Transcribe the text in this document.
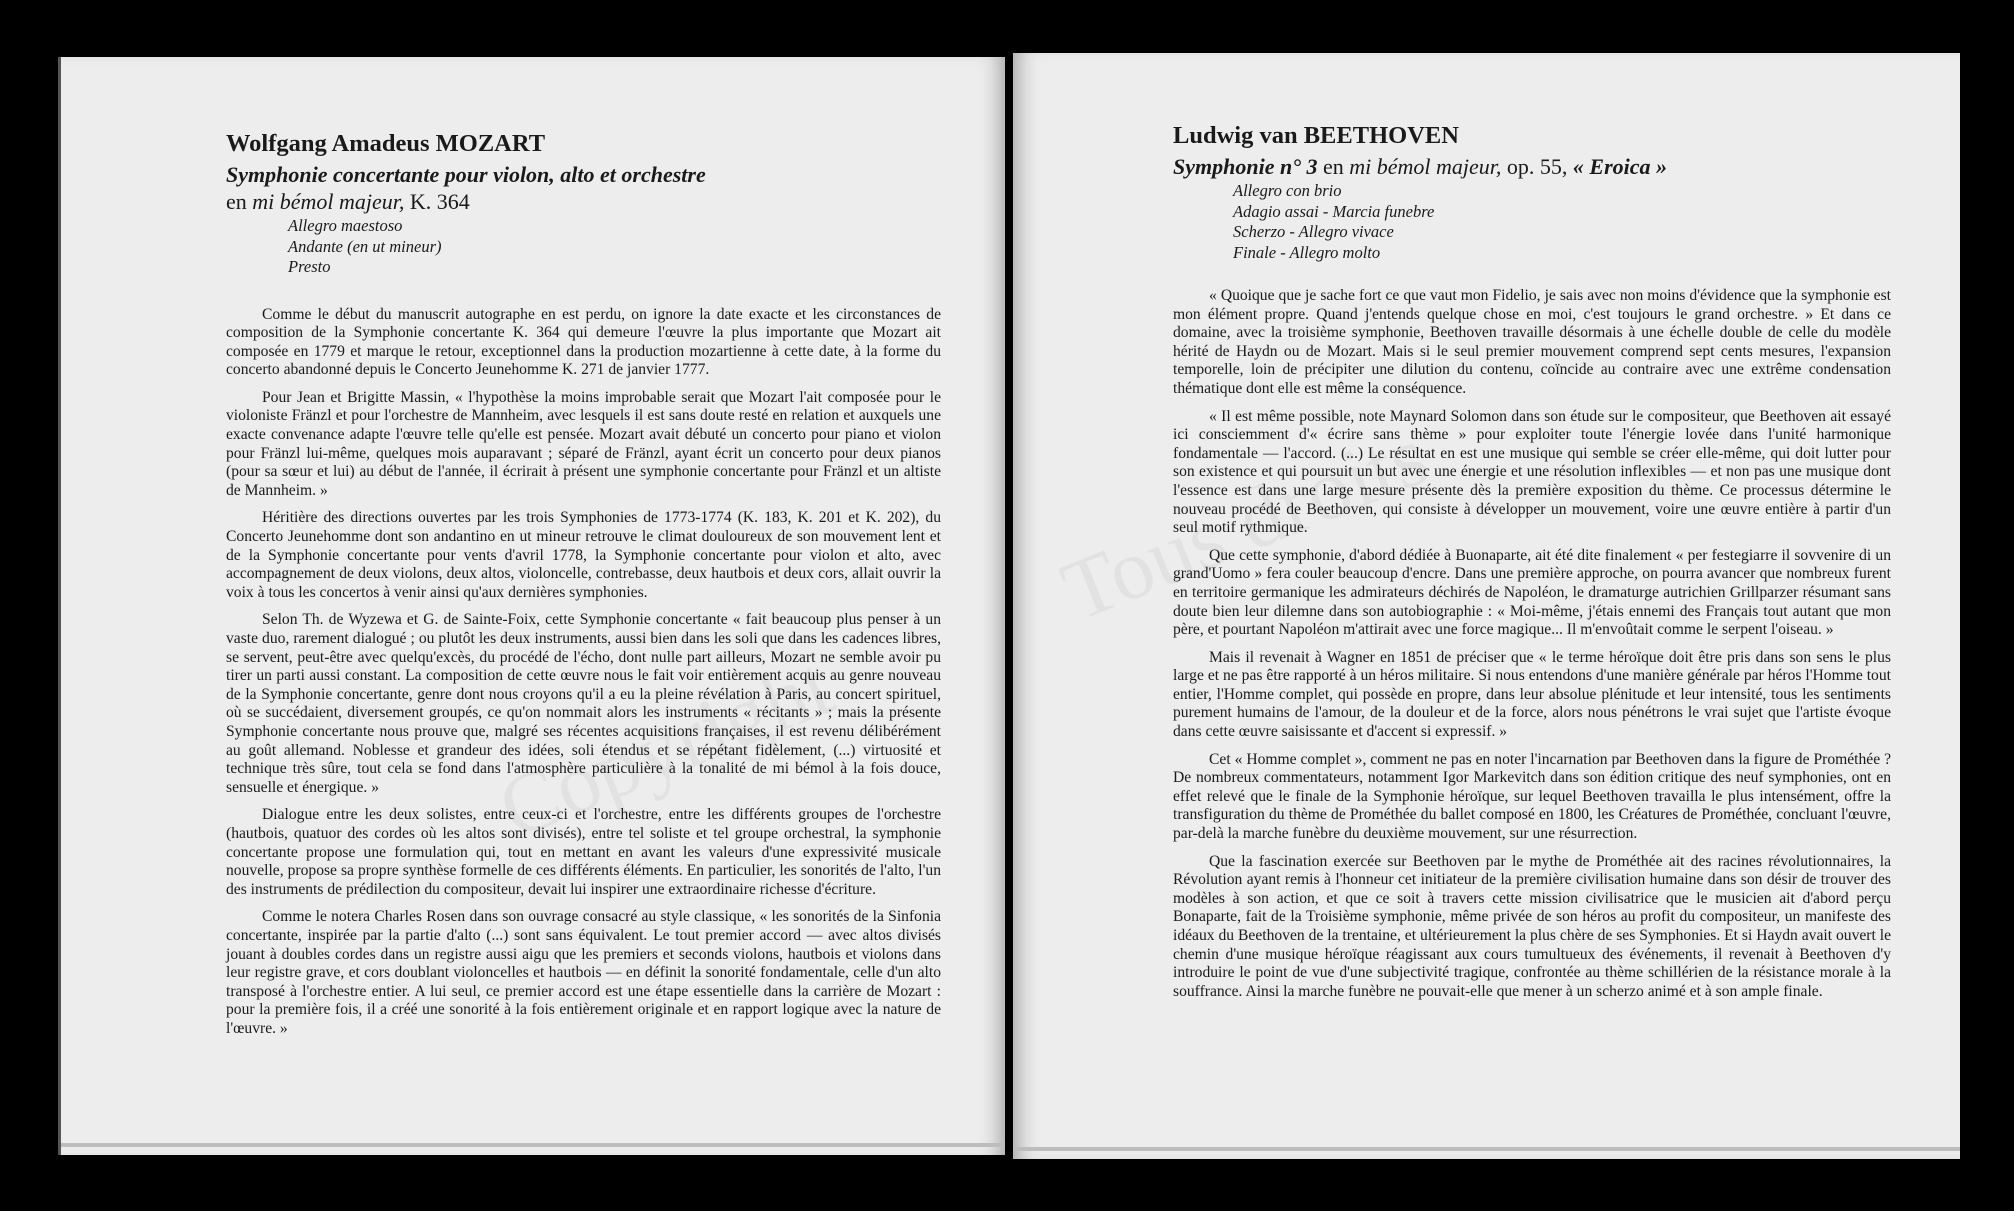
Wolfgang Amadeus MOZART
Symphonie concertante pour violon, alto et orchestre
en mi bémol majeur, K. 364
Allegro maestoso
Andante (en ut mineur)
Presto

Comme le début du manuscrit autographe en est perdu, on ignore la date exacte et les circonstances de composition de la Symphonie concertante K. 364 qui demeure l'œuvre la plus importante que Mozart ait composée en 1779 et marque le retour, exceptionnel dans la production mozartienne à cette date, à la forme du concerto abandonné depuis le Concerto Jeunehomme K. 271 de janvier 1777.

Pour Jean et Brigitte Massin, « l'hypothèse la moins improbable serait que Mozart l'ait composée pour le violoniste Fränzl et pour l'orchestre de Mannheim, avec lesquels il est sans doute resté en relation et auxquels une exacte convenance adapte l'œuvre telle qu'elle est pensée. Mozart avait débuté un concerto pour piano et violon pour Fränzl lui-même, quelques mois auparavant ; séparé de Fränzl, ayant écrit un concerto pour deux pianos (pour sa sœur et lui) au début de l'année, il écrirait à présent une symphonie concertante pour Fränzl et un altiste de Mannheim. »

Héritière des directions ouvertes par les trois Symphonies de 1773-1774 (K. 183, K. 201 et K. 202), du Concerto Jeunehomme dont son andantino en ut mineur retrouve le climat douloureux de son mouvement lent et de la Symphonie concertante pour vents d'avril 1778, la Symphonie concertante pour violon et alto, avec accompagnement de deux violons, deux altos, violoncelle, contrebasse, deux hautbois et deux cors, allait ouvrir la voix à tous les concertos à venir ainsi qu'aux dernières symphonies.

Selon Th. de Wyzewa et G. de Sainte-Foix, cette Symphonie concertante « fait beaucoup plus penser à un vaste duo, rarement dialogué ; ou plutôt les deux instruments, aussi bien dans les soli que dans les cadences libres, se servent, peut-être avec quelqu'excès, du procédé de l'écho, dont nulle part ailleurs, Mozart ne semble avoir pu tirer un parti aussi constant. La composition de cette œuvre nous le fait voir entièrement acquis au genre nouveau de la Symphonie concertante, genre dont nous croyons qu'il a eu la pleine révélation à Paris, au concert spirituel, où se succédaient, diversement groupés, ce qu'on nommait alors les instruments « récitants » ; mais la présente Symphonie concertante nous prouve que, malgré ses récentes acquisitions françaises, il est revenu délibérément au goût allemand. Noblesse et grandeur des idées, soli étendus et se répétant fidèlement, (...) virtuosité et technique très sûre, tout cela se fond dans l'atmosphère particulière à la tonalité de mi bémol à la fois douce, sensuelle et énergique. »

Dialogue entre les deux solistes, entre ceux-ci et l'orchestre, entre les différents groupes de l'orchestre (hautbois, quatuor des cordes où les altos sont divisés), entre tel soliste et tel groupe orchestral, la symphonie concertante propose une formulation qui, tout en mettant en avant les valeurs d'une expressivité musicale nouvelle, propose sa propre synthèse formelle de ces différents éléments. En particulier, les sonorités de l'alto, l'un des instruments de prédilection du compositeur, devait lui inspirer une extraordinaire richesse d'écriture.

Comme le notera Charles Rosen dans son ouvrage consacré au style classique, « les sonorités de la Sinfonia concertante, inspirée par la partie d'alto (...) sont sans équivalent. Le tout premier accord — avec altos divisés jouant à doubles cordes dans un registre aussi aigu que les premiers et seconds violons, hautbois et violons dans leur registre grave, et cors doublant violoncelles et hautbois — en définit la sonorité fondamentale, celle d'un alto transposé à l'orchestre entier. A lui seul, ce premier accord est une étape essentielle dans la carrière de Mozart : pour la première fois, il a créé une sonorité à la fois entièrement originale et en rapport logique avec la nature de l'œuvre. »

Ludwig van BEETHOVEN
Symphonie n° 3 en mi bémol majeur, op. 55, « Eroica »
Allegro con brio
Adagio assai - Marcia funebre
Scherzo - Allegro vivace
Finale - Allegro molto

« Quoique que je sache fort ce que vaut mon Fidelio, je sais avec non moins d'évidence que la symphonie est mon élément propre. Quand j'entends quelque chose en moi, c'est toujours le grand orchestre. » Et dans ce domaine, avec la troisième symphonie, Beethoven travaille désormais à une échelle double de celle du modèle hérité de Haydn ou de Mozart. Mais si le seul premier mouvement comprend sept cents mesures, l'expansion temporelle, loin de précipiter une dilution du contenu, coïncide au contraire avec une extrême condensation thématique dont elle est même la conséquence.

« Il est même possible, note Maynard Solomon dans son étude sur le compositeur, que Beethoven ait essayé ici consciemment d'« écrire sans thème » pour exploiter toute l'énergie lovée dans l'unité harmonique fondamentale — l'accord. (...) Le résultat en est une musique qui semble se créer elle-même, qui doit lutter pour son existence et qui poursuit un but avec une énergie et une résolution inflexibles — et non pas une musique dont l'essence est dans une large mesure présente dès la première exposition du thème. Ce processus détermine le nouveau procédé de Beethoven, qui consiste à développer un mouvement, voire une œuvre entière à partir d'un seul motif rythmique.

Que cette symphonie, d'abord dédiée à Buonaparte, ait été dite finalement « per festegiarre il sovvenire di un grand'Uomo » fera couler beaucoup d'encre. Dans une première approche, on pourra avancer que nombreux furent en territoire germanique les admirateurs déchirés de Napoléon, le dramaturge autrichien Grillparzer résumant sans doute bien leur dilemne dans son autobiographie : « Moi-même, j'étais ennemi des Français tout autant que mon père, et pourtant Napoléon m'attirait avec une force magique... Il m'envoûtait comme le serpent l'oiseau. »

Mais il revenait à Wagner en 1851 de préciser que « le terme héroïque doit être pris dans son sens le plus large et ne pas être rapporté à un héros militaire. Si nous entendons d'une manière générale par héros l'Homme tout entier, l'Homme complet, qui possède en propre, dans leur absolue plénitude et leur intensité, tous les sentiments purement humains de l'amour, de la douleur et de la force, alors nous pénétrons le vrai sujet que l'artiste évoque dans cette œuvre saisissante et d'accent si expressif. »

Cet « Homme complet », comment ne pas en noter l'incarnation par Beethoven dans la figure de Prométhée ? De nombreux commentateurs, notamment Igor Markevitch dans son édition critique des neuf symphonies, ont en effet relevé que le finale de la Symphonie héroïque, sur lequel Beethoven travailla le plus intensément, offre la transfiguration du thème de Prométhée du ballet composé en 1800, les Créatures de Prométhée, concluant l'œuvre, par-delà la marche funèbre du deuxième mouvement, sur une résurrection.

Que la fascination exercée sur Beethoven par le mythe de Prométhée ait des racines révolutionnaires, la Révolution ayant remis à l'honneur cet initiateur de la première civilisation humaine dans son désir de trouver des modèles à son action, et que ce soit à travers cette mission civilisatrice que le musicien ait d'abord perçu Bonaparte, fait de la Troisième symphonie, même privée de son héros au profit du compositeur, un manifeste des idéaux du Beethoven de la trentaine, et ultérieurement la plus chère de ses Symphonies. Et si Haydn avait ouvert le chemin d'une musique héroïque réagissant aux cours tumultueux des événements, il revenait à Beethoven d'y introduire le point de vue d'une subjectivité tragique, confrontée au thème schillérien de la résistance morale à la souffrance. Ainsi la marche funèbre ne pouvait-elle que mener à un scherzo animé et à son ample finale.
